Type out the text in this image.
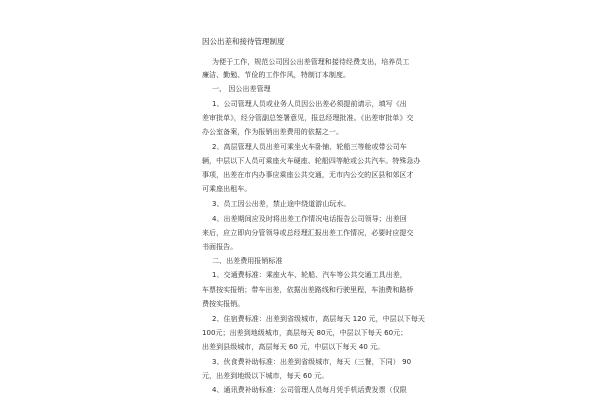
因公出差和接待管理制度
为便于工作，规范公司因公出差管理和接待经费支出，培养员工
廉洁、勤勉、节俭的工作作风，特制订本制度。
一、 因公出差管理
1、公司管理人员或业务人员因公出差必须提前请示，填写《出
差审批单》，经分管副总签署意见，报总经理批准。《出差审批单》交
办公室备案，作为报销出差费用的依据之一。
2、高层管理人员出差可乘坐火车卧铺、轮船三等舱或带公司车
辆，中层以下人员可乘座火车硬座、轮船四等舱或公共汽车。特殊急办
事项，出差在市内办事应乘座公共交通，无市内公交的区县和郊区才
可乘座出租车。
3、员工因公出差，禁止途中绕道游山玩水。
4、出差期间应及时将出差工作情况电话报告公司领导；出差回
来后，应立即向分管领导或总经理汇报出差工作情况，必要时应提交
书面报告。
二、出差费用报销标准
1、交通费标准：乘座火车、轮船、汽车等公共交通工具出差，
车票按实报销；带车出差，依据出差路线和行驶里程，车油费和路桥
费按实报销。
2、住宿费标准：出差到省级城市，高层每天 120 元，中层以下每天
100元；出差到地级城市，高层每天 80元，中层以下每天 60元；
出差到县级城市，高层每天 60 元，中层以下每天 40 元。
3、伙食费补助标准：出差到省级城市，每天（三餐，下同） 90
元，出差到地级以下城市，每天 60 元。
4、通讯费补助标准：公司管理人员每月凭手机话费发票（仅限
